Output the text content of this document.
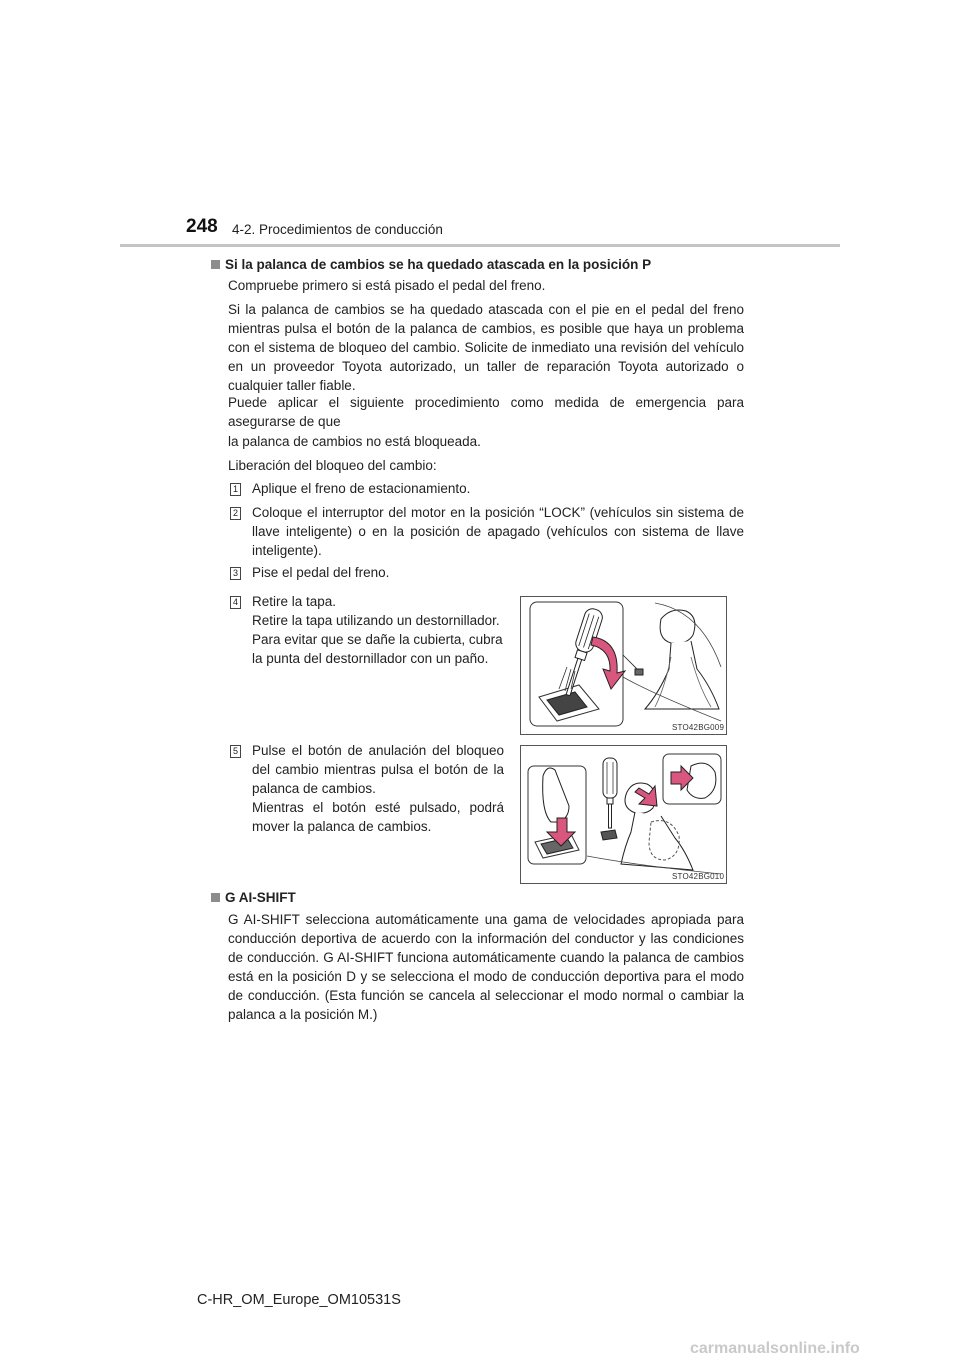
248 4-2. Procedimientos de conducción
Si la palanca de cambios se ha quedado atascada en la posición P
Compruebe primero si está pisado el pedal del freno.
Si la palanca de cambios se ha quedado atascada con el pie en el pedal del freno mientras pulsa el botón de la palanca de cambios, es posible que haya un problema con el sistema de bloqueo del cambio. Solicite de inmediato una revisión del vehículo en un proveedor Toyota autorizado, un taller de reparación Toyota autorizado o cualquier taller fiable.
Puede aplicar el siguiente procedimiento como medida de emergencia para asegurarse de que
la palanca de cambios no está bloqueada.
Liberación del bloqueo del cambio:
1 Aplique el freno de estacionamiento.
2 Coloque el interruptor del motor en la posición “LOCK” (vehículos sin sistema de llave inteligente) o en la posición de apagado (vehículos con sistema de llave inteligente).
3 Pise el pedal del freno.
4 Retire la tapa.
Retire la tapa utilizando un destornillador. Para evitar que se dañe la cubierta, cubra la punta del destornillador con un paño.
STO42BG009
5 Pulse el botón de anulación del bloqueo del cambio mientras pulsa el botón de la palanca de cambios.
Mientras el botón esté pulsado, podrá mover la palanca de cambios.
STO42BG010
G AI-SHIFT
G AI-SHIFT selecciona automáticamente una gama de velocidades apropiada para conducción deportiva de acuerdo con la información del conductor y las condiciones de conducción. G AI-SHIFT funciona automáticamente cuando la palanca de cambios está en la posición D y se selecciona el modo de conducción deportiva para el modo de conducción. (Esta función se cancela al seleccionar el modo normal o cambiar la palanca a la posición M.)
C-HR_OM_Europe_OM10531S
carmanualsonline.info
